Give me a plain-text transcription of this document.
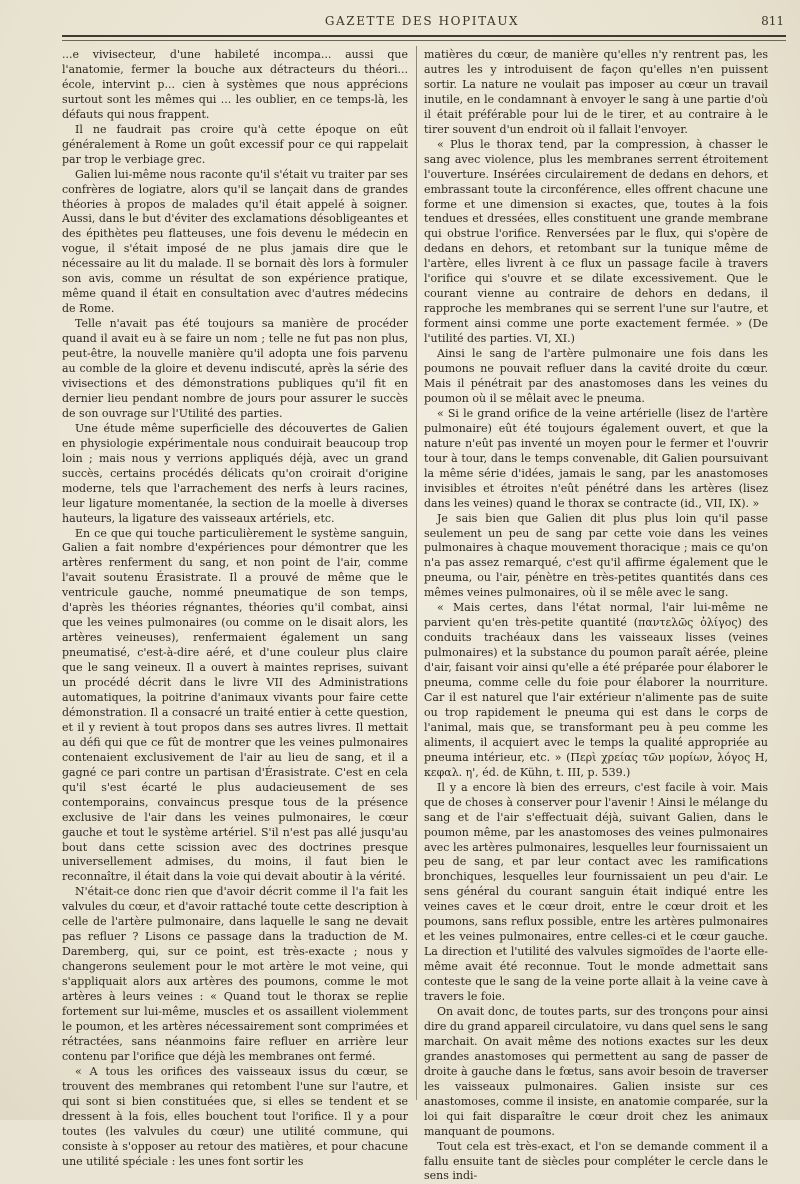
GAZETTE DES HOPITAUX	811

...e vivisecteur, d'une habileté incompa... aussi que l'anatomie, fermer la bouche aux détracteurs du théori... école, intervint p... cien à systèmes que nous apprécions surtout sont les mêmes qui ... les oublier, en ce temps-là, les défauts qui nous frappent.

Il ne faudrait pas croire qu'à cette époque on eût généralement à Rome un goût excessif pour ce qui rappelait par trop le verbiage grec.

Galien lui-même nous raconte qu'il s'était vu traiter par ses confrères de logiatre, alors qu'il se lançait dans de grandes théories à propos de malades qu'il était appelé à soigner. Aussi, dans le but d'éviter des exclamations désobligeantes et des épithètes peu flatteuses, une fois devenu le médecin en vogue, il s'était imposé de ne plus jamais dire que le nécessaire au lit du malade. Il se bornait dès lors à formuler son avis, comme un résultat de son expérience pratique, même quand il était en consultation avec d'autres médecins de Rome.

Telle n'avait pas été toujours sa manière de procéder quand il avait eu à se faire un nom ; telle ne fut pas non plus, peut-être, la nouvelle manière qu'il adopta une fois parvenu au comble de la gloire et devenu indiscuté, après la série des vivisections et des démonstrations publiques qu'il fit en dernier lieu pendant nombre de jours pour assurer le succès de son ouvrage sur l'Utilité des parties.

Une étude même superficielle des découvertes de Galien en physiologie expérimentale nous conduirait beaucoup trop loin ; mais nous y verrions appliqués déjà, avec un grand succès, certains procédés délicats qu'on croirait d'origine moderne, tels que l'arrachement des nerfs à leurs racines, leur ligature momentanée, la section de la moelle à diverses hauteurs, la ligature des vaisseaux artériels, etc.

En ce que qui touche particulièrement le système sanguin, Galien a fait nombre d'expériences pour démontrer que les artères renferment du sang, et non point de l'air, comme l'avait soutenu Érasistrate. Il a prouvé de même que le ventricule gauche, nommé pneumatique de son temps, d'après les théories régnantes, théories qu'il combat, ainsi que les veines pulmonaires (ou comme on le disait alors, les artères veineuses), renfermaient également un sang pneumatisé, c'est-à-dire aéré, et d'une couleur plus claire que le sang veineux. Il a ouvert à maintes reprises, suivant un procédé décrit dans le livre VII des Administrations automatiques, la poitrine d'animaux vivants pour faire cette démonstration. Il a consacré un traité entier à cette question, et il y revient à tout propos dans ses autres livres. Il mettait au défi qui que ce fût de montrer que les veines pulmonaires contenaient exclusivement de l'air au lieu de sang, et il a gagné ce pari contre un partisan d'Érasistrate. C'est en cela qu'il s'est écarté le plus audacieusement de ses contemporains, convaincus presque tous de la présence exclusive de l'air dans les veines pulmonaires, le cœur gauche et tout le système artériel. S'il n'est pas allé jusqu'au bout dans cette scission avec des doctrines presque universellement admises, du moins, il faut bien le reconnaître, il était dans la voie qui devait aboutir à la vérité.

N'était-ce donc rien que d'avoir décrit comme il l'a fait les valvules du cœur, et d'avoir rattaché toute cette description à celle de l'artère pulmonaire, dans laquelle le sang ne devait pas refluer ? Lisons ce passage dans la traduction de M. Daremberg, qui, sur ce point, est très-exacte ; nous y changerons seulement pour le mot artère le mot veine, qui s'appliquait alors aux artères des poumons, comme le mot artères à leurs veines : « Quand tout le thorax se replie fortement sur lui-même, muscles et os assaillent violemment le poumon, et les artères nécessairement sont comprimées et rétractées, sans néanmoins faire refluer en arrière leur contenu par l'orifice que déjà les membranes ont fermé.

« A tous les orifices des vaisseaux issus du cœur, se trouvent des membranes qui retombent l'une sur l'autre, et qui sont si bien constituées que, si elles se tendent et se dressent à la fois, elles bouchent tout l'orifice. Il y a pour toutes (les valvules du cœur) une utilité commune, qui consiste à s'opposer au retour des matières, et pour chacune une utilité spéciale : les unes font sortir les

matières du cœur, de manière qu'elles n'y rentrent pas, les autres les y introduisent de façon qu'elles n'en puissent sortir. La nature ne voulait pas imposer au cœur un travail inutile, en le condamnant à envoyer le sang à une partie d'où il était préférable pour lui de le tirer, et au contraire à le tirer souvent d'un endroit où il fallait l'envoyer.

« Plus le thorax tend, par la compression, à chasser le sang avec violence, plus les membranes serrent étroitement l'ouverture. Insérées circulairement de dedans en dehors, et embrassant toute la circonférence, elles offrent chacune une forme et une dimension si exactes, que, toutes à la fois tendues et dressées, elles constituent une grande membrane qui obstrue l'orifice. Renversées par le flux, qui s'opère de dedans en dehors, et retombant sur la tunique même de l'artère, elles livrent à ce flux un passage facile à travers l'orifice qui s'ouvre et se dilate excessivement. Que le courant vienne au contraire de dehors en dedans, il rapproche les membranes qui se serrent l'une sur l'autre, et forment ainsi comme une porte exactement fermée. » (De l'utilité des parties. VI, XI.)

Ainsi le sang de l'artère pulmonaire une fois dans les poumons ne pouvait refluer dans la cavité droite du cœur. Mais il pénétrait par des anastomoses dans les veines du poumon où il se mêlait avec le pneuma.

« Si le grand orifice de la veine artérielle (lisez de l'artère pulmonaire) eût été toujours également ouvert, et que la nature n'eût pas inventé un moyen pour le fermer et l'ouvrir tour à tour, dans le temps convenable, dit Galien poursuivant la même série d'idées, jamais le sang, par les anastomoses invisibles et étroites n'eût pénétré dans les artères (lisez dans les veines) quand le thorax se contracte (id., VII, IX). »

Je sais bien que Galien dit plus plus loin qu'il passe seulement un peu de sang par cette voie dans les veines pulmonaires à chaque mouvement thoracique ; mais ce qu'on n'a pas assez remarqué, c'est qu'il affirme également que le pneuma, ou l'air, pénètre en très-petites quantités dans ces mêmes veines pulmonaires, où il se mêle avec le sang.

« Mais certes, dans l'état normal, l'air lui-même ne parvient qu'en très-petite quantité (παντελῶς ὀλίγος) des conduits trachéaux dans les vaisseaux lisses (veines pulmonaires) et la substance du poumon paraît aérée, pleine d'air, faisant voir ainsi qu'elle a été préparée pour élaborer le pneuma, comme celle du foie pour élaborer la nourriture. Car il est naturel que l'air extérieur n'alimente pas de suite ou trop rapidement le pneuma qui est dans le corps de l'animal, mais que, se transformant peu à peu comme les aliments, il acquiert avec le temps la qualité appropriée au pneuma intérieur, etc. » (Περὶ χρείας τῶν μορίων, λόγος Η, κεφαλ. η', éd. de Kühn, t. III, p. 539.)

Il y a encore là bien des erreurs, c'est facile à voir. Mais que de choses à conserver pour l'avenir ! Ainsi le mélange du sang et de l'air s'effectuait déjà, suivant Galien, dans le poumon même, par les anastomoses des veines pulmonaires avec les artères pulmonaires, lesquelles leur fournissaient un peu de sang, et par leur contact avec les ramifications bronchiques, lesquelles leur fournissaient un peu d'air. Le sens général du courant sanguin était indiqué entre les veines caves et le cœur droit, entre le cœur droit et les poumons, sans reflux possible, entre les artères pulmonaires et les veines pulmonaires, entre celles-ci et le cœur gauche. La direction et l'utilité des valvules sigmoïdes de l'aorte elle-même avait été reconnue. Tout le monde admettait sans conteste que le sang de la veine porte allait à la veine cave à travers le foie.

On avait donc, de toutes parts, sur des tronçons pour ainsi dire du grand appareil circulatoire, vu dans quel sens le sang marchait. On avait même des notions exactes sur les deux grandes anastomoses qui permettent au sang de passer de droite à gauche dans le fœtus, sans avoir besoin de traverser les vaisseaux pulmonaires. Galien insiste sur ces anastomoses, comme il insiste, en anatomie comparée, sur la loi qui fait disparaître le cœur droit chez les animaux manquant de poumons.

Tout cela est très-exact, et l'on se demande comment il a fallu ensuite tant de siècles pour compléter le cercle dans le sens indi-
